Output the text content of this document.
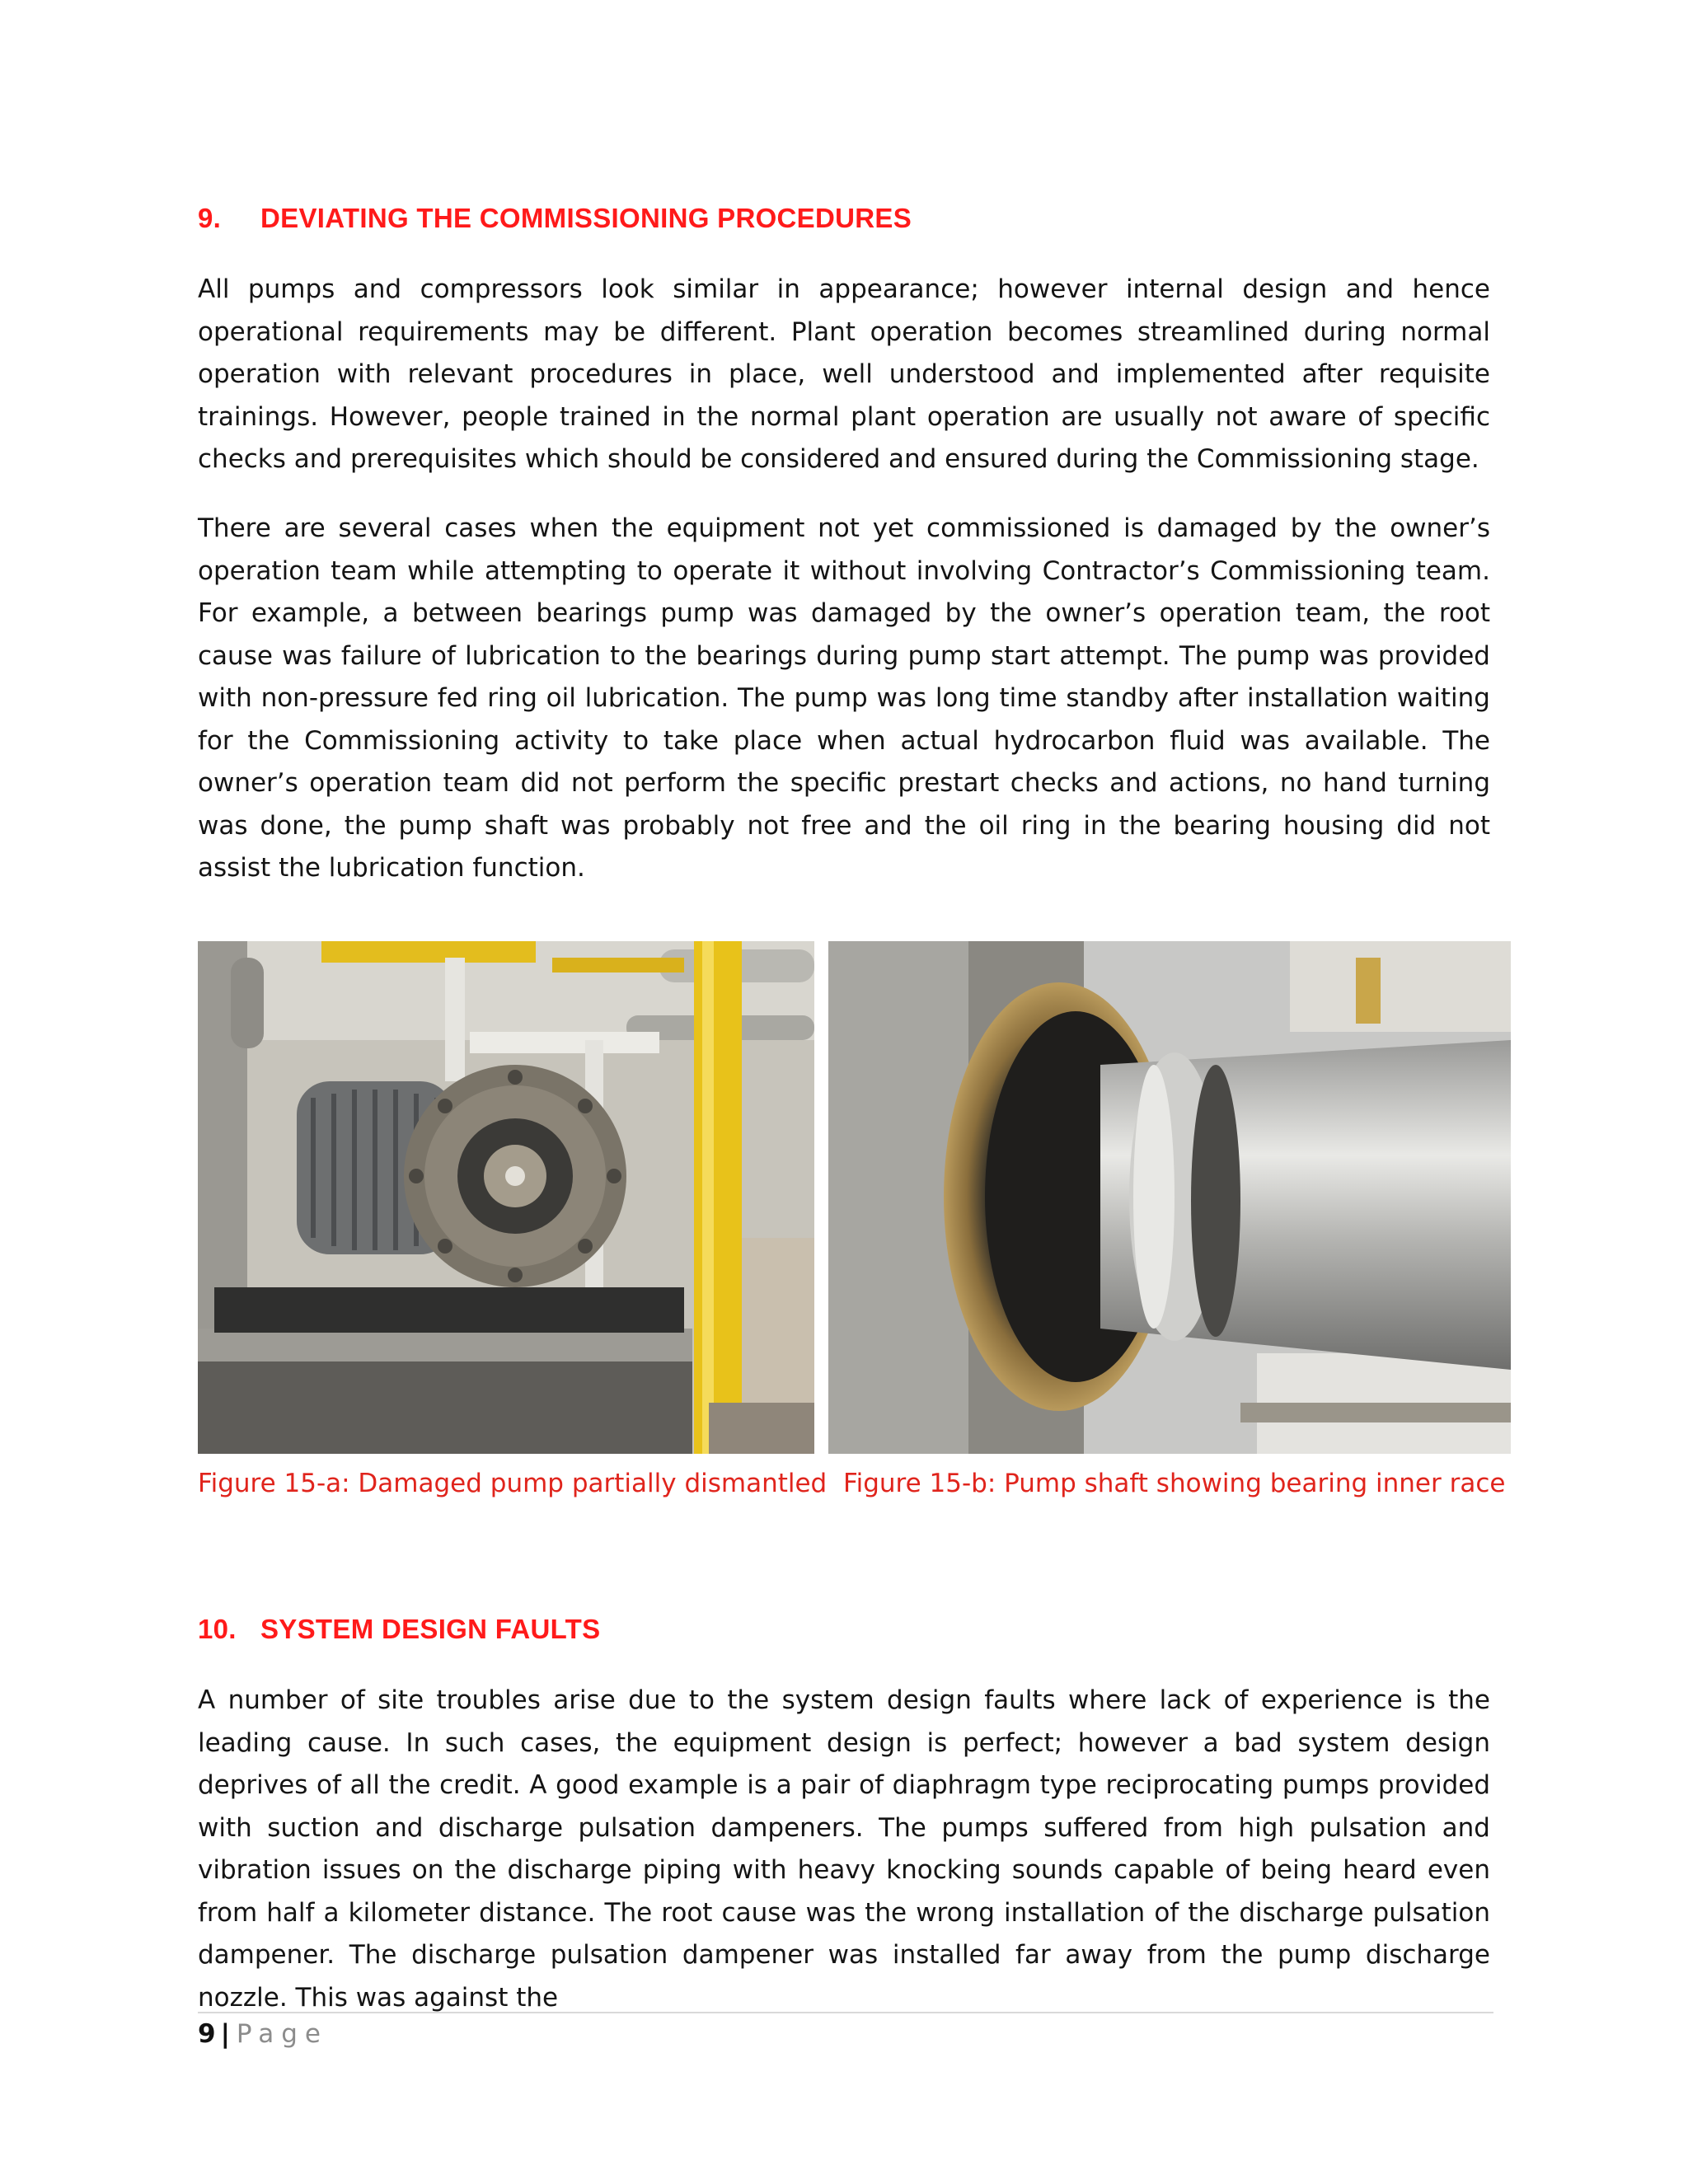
9. DEVIATING THE COMMISSIONING PROCEDURES

All pumps and compressors look similar in appearance; however internal design and hence operational requirements may be different. Plant operation becomes streamlined during normal operation with relevant procedures in place, well understood and implemented after requisite trainings. However, people trained in the normal plant operation are usually not aware of specific checks and prerequisites which should be considered and ensured during the Commissioning stage.

There are several cases when the equipment not yet commissioned is damaged by the owner’s operation team while attempting to operate it without involving Contractor’s Commissioning team. For example, a between bearings pump was damaged by the owner’s operation team, the root cause was failure of lubrication to the bearings during pump start attempt. The pump was provided with non-pressure fed ring oil lubrication. The pump was long time standby after installation waiting for the Commissioning activity to take place when actual hydrocarbon fluid was available. The owner’s operation team did not perform the specific prestart checks and actions, no hand turning was done, the pump shaft was probably not free and the oil ring in the bearing housing did not assist the lubrication function.

Figure 15-a: Damaged pump partially dismantled Figure 15-b: Pump shaft showing bearing inner race
10. SYSTEM DESIGN FAULTS

A number of site troubles arise due to the system design faults where lack of experience is the leading cause. In such cases, the equipment design is perfect; however a bad system design deprives of all the credit. A good example is a pair of diaphragm type reciprocating pumps provided with suction and discharge pulsation dampeners. The pumps suffered from high pulsation and vibration issues on the discharge piping with heavy knocking sounds capable of being heard even from half a kilometer distance. The root cause was the wrong installation of the discharge pulsation dampener. The discharge pulsation dampener was installed far away from the pump discharge nozzle. This was against the

9 | Page
